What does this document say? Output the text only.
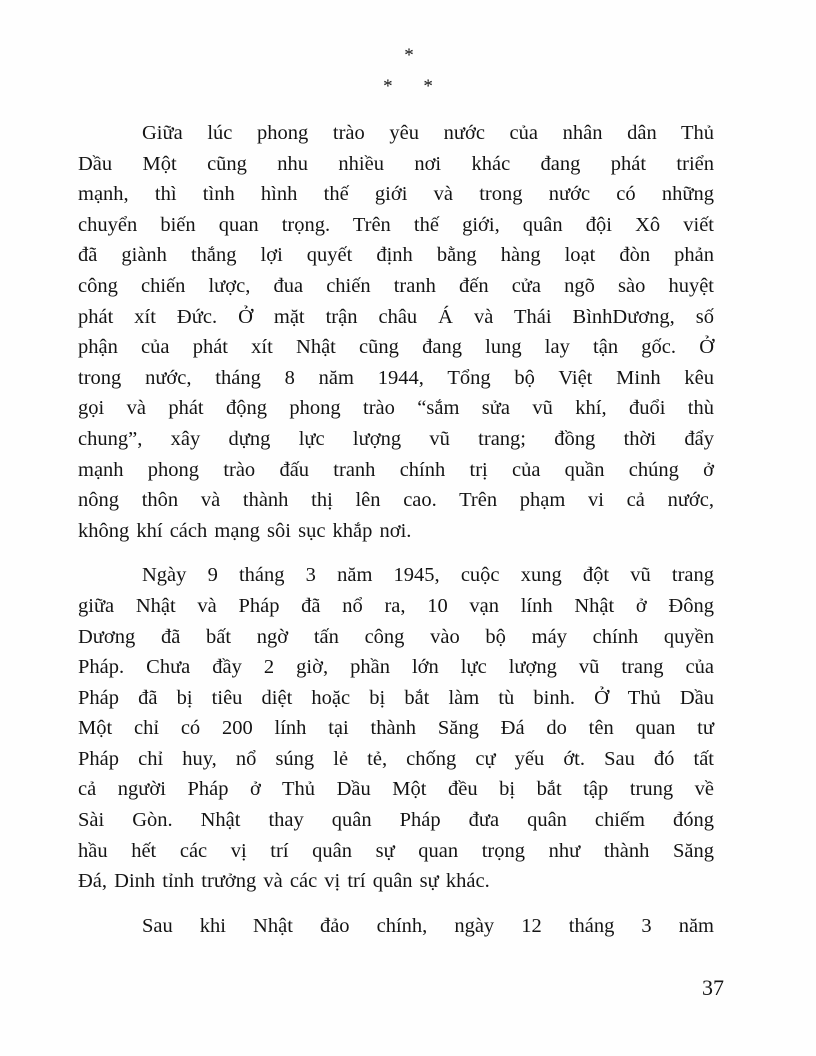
*
* *
Giữa lúc phong trào yêu nước của nhân dân Thủ
Dầu Một cũng nhu nhiều nơi khác đang phát triển
mạnh, thì tình hình thế giới và trong nước có những
chuyển biến quan trọng. Trên thế giới, quân đội Xô viết
đã giành thắng lợi quyết định bằng hàng loạt đòn phản
công chiến lược, đua chiến tranh đến cửa ngõ sào huyệt
phát xít Đức. Ở mặt trận châu Á và Thái BìnhDương, số
phận của phát xít Nhật cũng đang lung lay tận gốc. Ở
trong nước, tháng 8 năm 1944, Tổng bộ Việt Minh kêu
gọi và phát động phong trào “sắm sửa vũ khí, đuổi thù
chung”, xây dựng lực lượng vũ trang; đồng thời đẩy
mạnh phong trào đấu tranh chính trị của quần chúng ở
nông thôn và thành thị lên cao. Trên phạm vi cả nước,
không khí cách mạng sôi sục khắp nơi.
Ngày 9 tháng 3 năm 1945, cuộc xung đột vũ trang
giữa Nhật và Pháp đã nổ ra, 10 vạn lính Nhật ở Đông
Dương đã bất ngờ tấn công vào bộ máy chính quyền
Pháp. Chưa đầy 2 giờ, phần lớn lực lượng vũ trang của
Pháp đã bị tiêu diệt hoặc bị bắt làm tù binh. Ở Thủ Dầu
Một chỉ có 200 lính tại thành Săng Đá do tên quan tư
Pháp chỉ huy, nổ súng lẻ tẻ, chống cự yếu ớt. Sau đó tất
cả người Pháp ở Thủ Dầu Một đều bị bắt tập trung về
Sài Gòn. Nhật thay quân Pháp đưa quân chiếm đóng
hầu hết các vị trí quân sự quan trọng như thành Săng
Đá, Dinh tỉnh trưởng và các vị trí quân sự khác.
Sau khi Nhật đảo chính, ngày 12 tháng 3 năm
37
